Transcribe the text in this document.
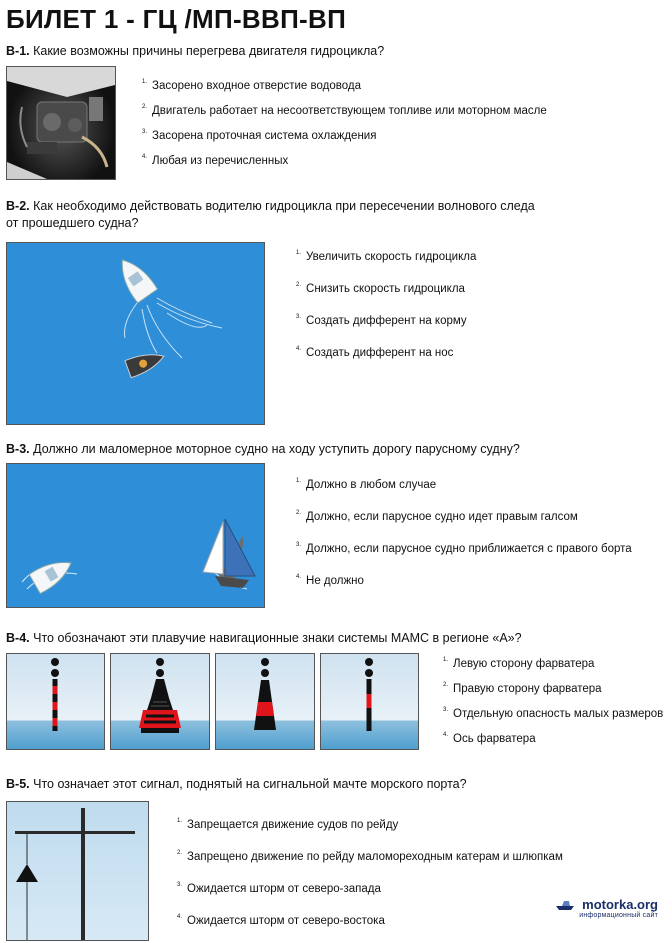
БИЛЕТ 1 - ГЦ /МП-ВВП-ВП
В-1. Какие возможны причины перегрева двигателя гидроцикла?
$^{1.}$ Засорено входное отверстие водовода
$^{2.}$ Двигатель работает на несоответствующем топливе или моторном масле
$^{3.}$ Засорена проточная система охлаждения
$^{4.}$ Любая из перечисленных
В-2. Как необходимо действовать водителю гидроцикла при пересечении волнового следа
от прошедшего судна?
$^{1.}$ Увеличить скорость гидроцикла
$^{2.}$ Снизить скорость гидроцикла
$^{3.}$ Создать дифферент на корму
$^{4.}$ Создать дифферент на нос
В-3. Должно ли маломерное моторное судно на ходу уступить дорогу парусному судну?
$^{1.}$ Должно в любом случае
$^{2.}$ Должно, если парусное судно идет правым галсом
$^{3.}$ Должно, если парусное судно приближается с правого борта
$^{4.}$ Не должно
В-4. Что обозначают эти плавучие навигационные знаки системы МАМС в регионе «А»?
$^{1.}$ Левую сторону фарватера
$^{2.}$ Правую сторону фарватера
$^{3.}$ Отдельную опасность малых размеров
$^{4.}$ Ось фарватера
В-5. Что означает этот сигнал, поднятый на сигнальной мачте морского порта?
$^{1.}$ Запрещается движение судов по рейду
$^{2.}$ Запрещено движение по рейду маломореходным катерам и шлюпкам
$^{3.}$ Ожидается шторм от северо-запада
$^{4.}$ Ожидается шторм от северо-востока
motorka.org
информационный сайт
